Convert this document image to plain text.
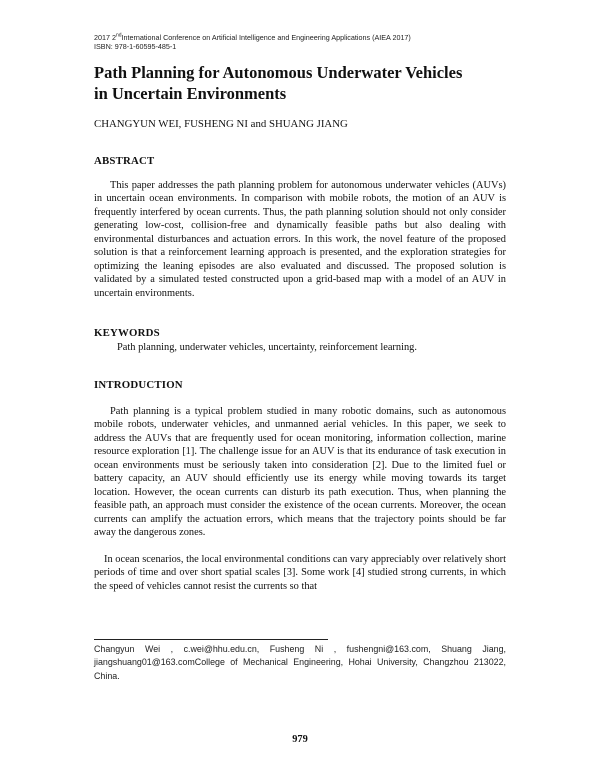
2017 2ndInternational Conference on Artificial Intelligence and Engineering Applications (AIEA 2017)
ISBN: 978-1-60595-485-1
Path Planning for Autonomous Underwater Vehicles
in Uncertain Environments
CHANGYUN WEI, FUSHENG NI and SHUANG JIANG
ABSTRACT

This paper addresses the path planning problem for autonomous underwater vehicles (AUVs) in uncertain ocean environments. In comparison with mobile robots, the motion of an AUV is frequently interfered by ocean currents. Thus, the path planning solution should not only consider generating low-cost, collision-free and dynamically feasible paths but also dealing with environmental disturbances and actuation errors. In this work, the novel feature of the proposed solution is that a reinforcement learning approach is presented, and the exploration strategies for optimizing the leaning episodes are also evaluated and discussed. The proposed solution is validated by a simulated tested constructed upon a grid-based map with a model of an AUV in uncertain environments.

KEYWORDS
Path planning, underwater vehicles, uncertainty, reinforcement learning.
INTRODUCTION

Path planning is a typical problem studied in many robotic domains, such as autonomous mobile robots, underwater vehicles, and unmanned aerial vehicles. In this paper, we seek to address the AUVs that are frequently used for ocean monitoring, information collection, marine resource exploration [1]. The challenge issue for an AUV is that its endurance of task execution in ocean environments must be seriously taken into consideration [2]. Due to the limited fuel or battery capacity, an AUV should efficiently use its energy while moving towards its target location. However, the ocean currents can disturb its path execution. Thus, when planning the feasible path, an approach must consider the existence of the ocean currents. Moreover, the ocean currents can amplify the actuation errors, which means that the trajectory points should be far away the dangerous zones.

In ocean scenarios, the local environmental conditions can vary appreciably over relatively short periods of time and over short spatial scales [3]. Some work [4] studied strong currents, in which the speed of vehicles cannot resist the currents so that

Changyun Wei , c.wei@hhu.edu.cn, Fusheng Ni , fushengni@163.com, Shuang Jiang, jiangshuang01@163.comCollege of Mechanical Engineering, Hohai University, Changzhou 213022, China.

979
